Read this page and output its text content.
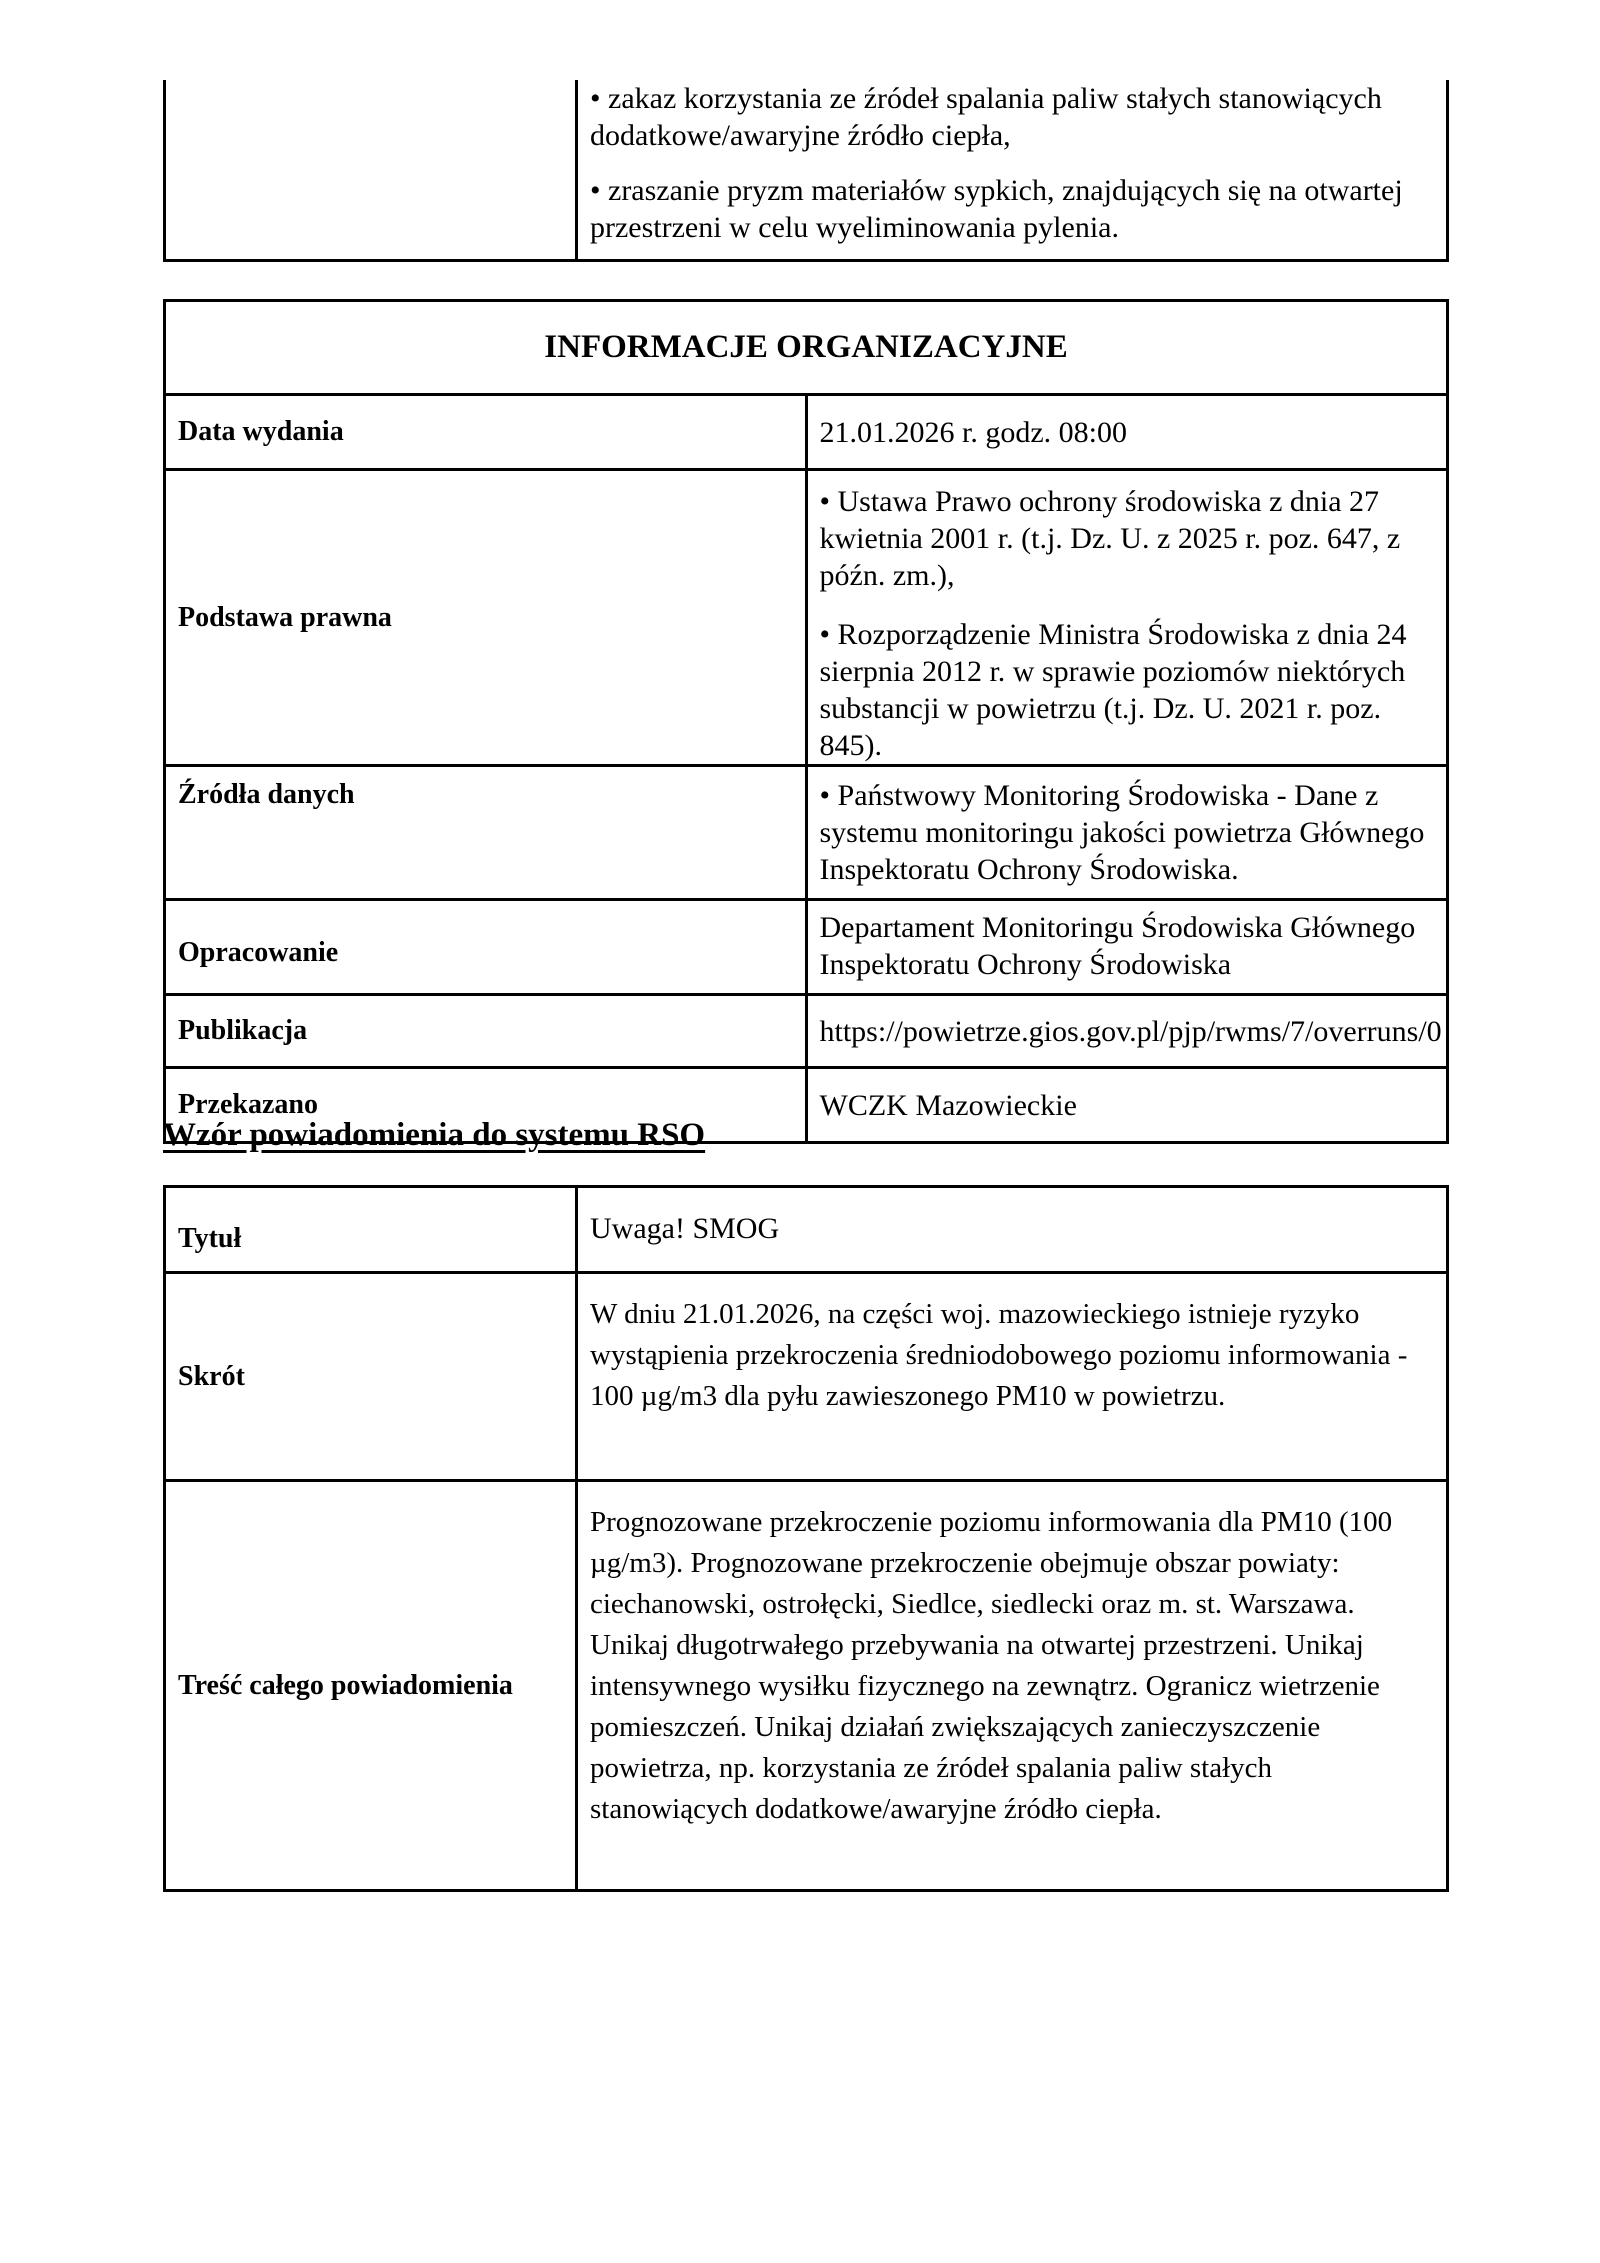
• zakaz korzystania ze źródeł spalania paliw stałych stanowiących dodatkowe/awaryjne źródło ciepła,

• zraszanie pryzm materiałów sypkich, znajdujących się na otwartej przestrzeni w celu wyeliminowania pylenia.

INFORMACJE ORGANIZACYJNE	
Data wydania	21.01.2026 r. godz. 08:00
Podstawa prawna	• Ustawa Prawo ochrony środowiska z dnia 27 kwietnia 2001 r. (t.j. Dz. U. z 2025 r. poz. 647, z późn. zm.),

• Rozporządzenie Ministra Środowiska z dnia 24 sierpnia 2012 r. w sprawie poziomów niektórych substancji w powietrzu (t.j. Dz. U. 2021 r. poz. 845).

Źródła danych	• Państwowy Monitoring Środowiska - Dane z systemu monitoringu jakości powietrza Głównego Inspektoratu Ochrony Środowiska.
Opracowanie	Departament Monitoringu Środowiska Głównego Inspektoratu Ochrony Środowiska
Publikacja	https://powietrze.gios.gov.pl/pjp/rwms/7/overruns/0
Przekazano	WCZK Mazowieckie
Wzór powiadomienia do systemu RSO
Tytuł	Uwaga! SMOG
Skrót	W dniu 21.01.2026, na części woj. mazowieckiego istnieje ryzyko wystąpienia przekroczenia średniodobowego poziomu informowania - 100 µg/m3 dla pyłu zawieszonego PM10 w powietrzu.
Treść całego powiadomienia	Prognozowane przekroczenie poziomu informowania dla PM10 (100 µg/m3). Prognozowane przekroczenie obejmuje obszar powiaty: ciechanowski, ostrołęcki, Siedlce, siedlecki oraz m. st. Warszawa. Unikaj długotrwałego przebywania na otwartej przestrzeni. Unikaj intensywnego wysiłku fizycznego na zewnątrz. Ogranicz wietrzenie pomieszczeń. Unikaj działań zwiększających zanieczyszczenie powietrza, np. korzystania ze źródeł spalania paliw stałych stanowiących dodatkowe/awaryjne źródło ciepła.
